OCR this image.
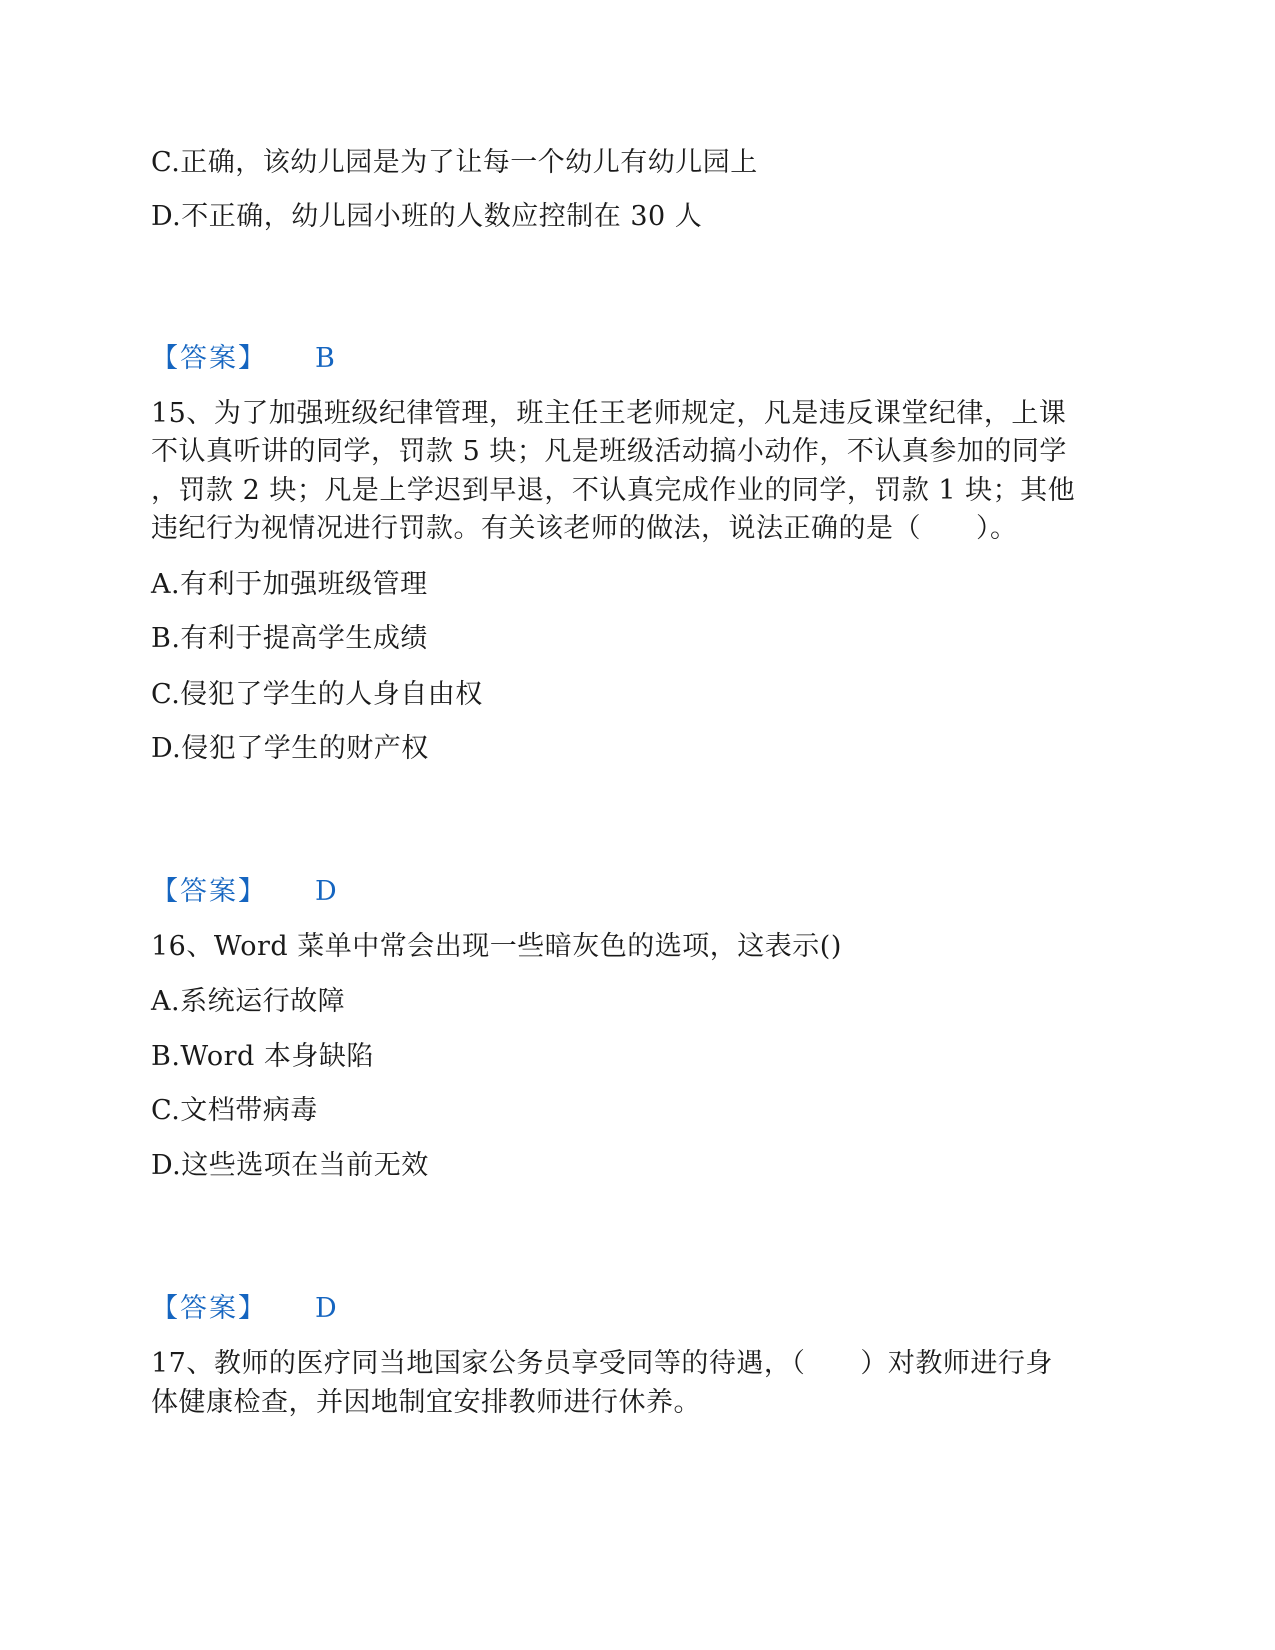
C.正确，该幼儿园是为了让每一个幼儿有幼儿园上
D.不正确，幼儿园小班的人数应控制在 30 人
【答案】 B
15、为了加强班级纪律管理，班主任王老师规定，凡是违反课堂纪律，上课
不认真听讲的同学，罚款 5 块；凡是班级活动搞小动作，不认真参加的同学
，罚款 2 块；凡是上学迟到早退，不认真完成作业的同学，罚款 1 块；其他
违纪行为视情况进行罚款。有关该老师的做法，说法正确的是（　　）。
A.有利于加强班级管理
B.有利于提高学生成绩
C.侵犯了学生的人身自由权
D.侵犯了学生的财产权
【答案】 D
16、Word 菜单中常会出现一些暗灰色的选项，这表示()
A.系统运行故障
B.Word 本身缺陷
C.文档带病毒
D.这些选项在当前无效
【答案】 D
17、教师的医疗同当地国家公务员享受同等的待遇，（　　）对教师进行身
体健康检查，并因地制宜安排教师进行休养。
